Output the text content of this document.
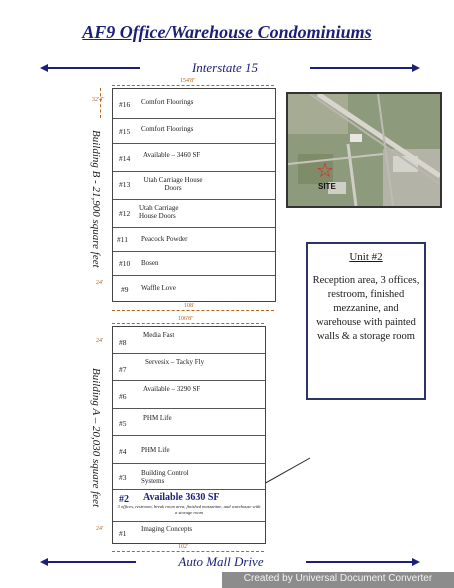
AF9 Office/Warehouse Condominiums
Interstate 15
154'8"
32'4" #16 Comfort Floorings
#15 Comfort Floorings
#14 Available – 3460 SF
#13 Utah Carriage House Doors
#12
Utah Carriage House Doors
#11 Peacock Powder
#10 Bosen
#9 Waffle Love
24'
108'
Building B - 21,900 square feet	☆
SITE
Unit #2
Reception area, 3 offices, restroom, finished mezzanine, and warehouse with painted walls & a storage room
106'8"
24' #8
Media Fast
#7
Servesix – Tacky Fly
#6
Available – 3290 SF
#5
PHM Life
#4 PHM Life
#3 Building Control Systems
#2 Available 3630 SF
3 offices, restroom, break room area, finished mezzanine, and warehouse with a storage room
#1 Imaging Concepts
24'
102'
Building A – 20,030 square feet
Auto Mall Drive
Created by Universal Document Converter
